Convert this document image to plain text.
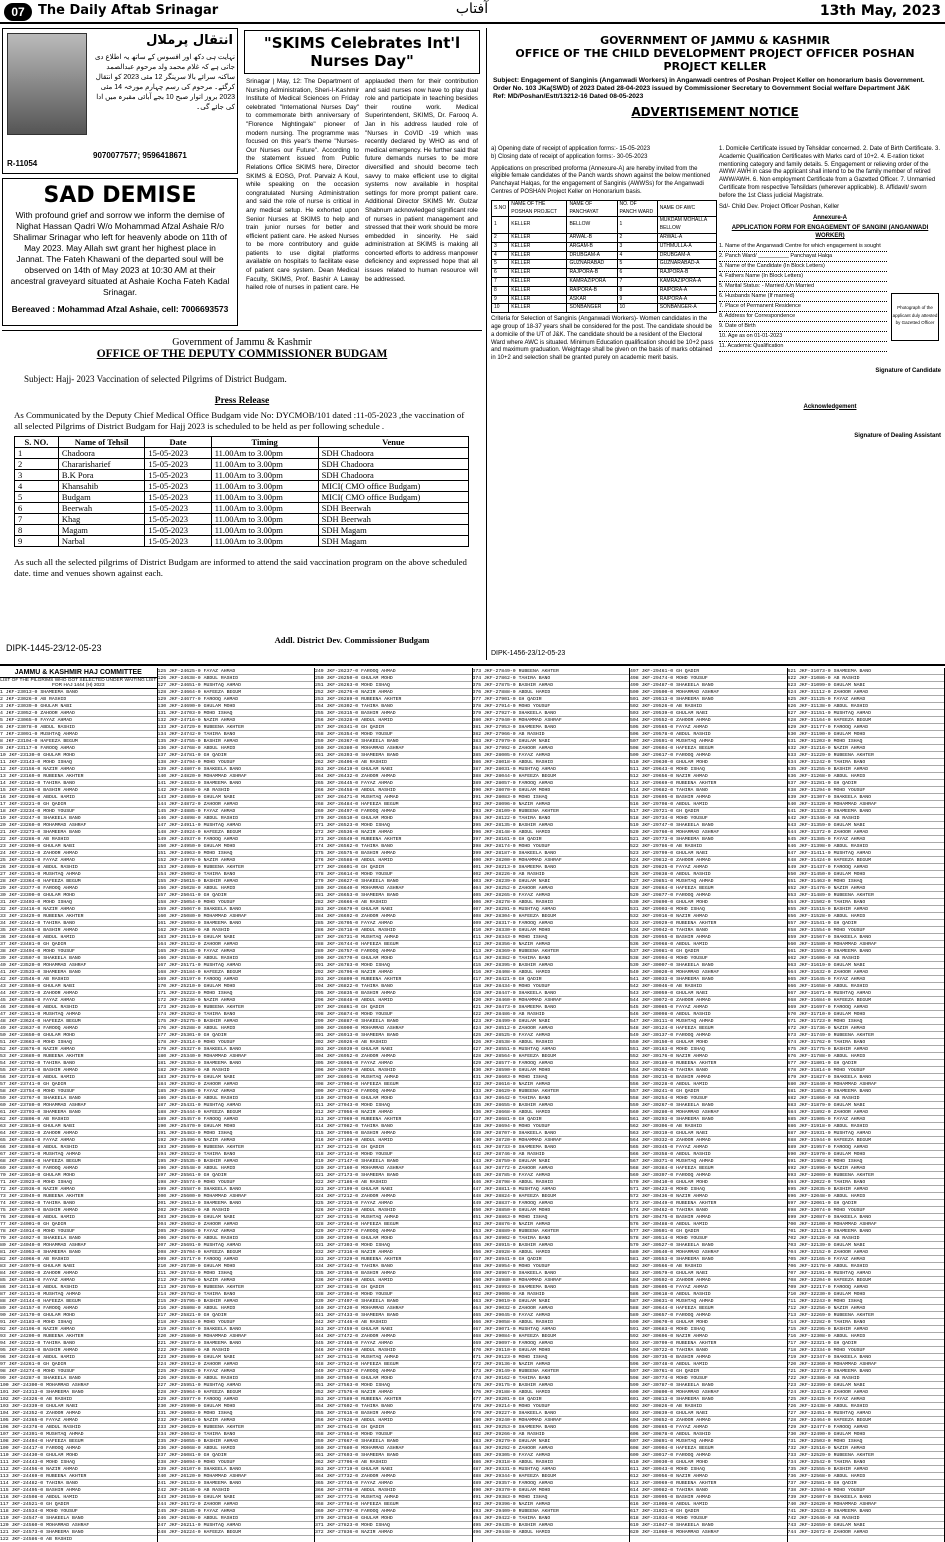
07	The Daily Aftab Srinagar	آفتاب	13th May, 2023
انتقال پرملال
نہایت ہی دکھ اور افسوس کے ساتھ یہ اطلاع دی جاتی ہے کہ غلام محمد ولد مرحوم عبدالصمد ساکنہ سرائے بالا سرینگر 12 مئی 2023 کو انتقال کرگئے۔ مرحوم کی رسم چہارم مورخہ 14 مئی 2023 بروز اتوار صبح 10 بجے آبائی مقبرہ میں ادا کی جائے گی۔
9070077577; 9596418671
R-11054
SAD DEMISE
With profound grief and sorrow we inform the demise of Nighat Hassan Qadri W/o Mohammad Afzal Ashaie R/o Shalimar Srinagar who left for heavenly abode on 11th of May 2023. May Allah swt grant her highest place in Jannat. The Fateh Khawani of the departed soul will be observed on 14th of May 2023 at 10:30 AM at their ancestral graveyard situated at Ashaie Kocha Fateh Kadal Srinagar.
Bereaved : Mohammad Afzal Ashaie, cell: 7006693573
"SKIMS Celebrates Int'l Nurses Day"
Srinagar | May, 12: The Department of Nursing Administration, Sheri-I-Kashmir Institute of Medical Sciences on Friday celebrated "International Nurses Day" to commemorate birth anniversary of "Florence Nightingale" pioneer of modern nursing. The programme was focused on this year's theme "Nurses- Our Nurses our Future". According to the statement issued from Public Relations Office SKIMS here, Director SKIMS & EOSG, Prof. Parvaiz A Koul, while speaking on the occasion congratulated Nursing Administration and said the role of nurse is critical in any medical setup. He exhorted upon Senior Nurses at SKIMS to help and train junior nurses for better and efficient patient care. He asked Nurses to be more contributory and guide patients to use digital platforms available on hospitals to facilitate ease of patient care system. Dean Medical Faculty, SKIMS, Prof. Bashir A Laway hailed role of nurses in patient care. He applauded them for their contribution and said nurses now have to play dual role and participate in teaching besides their routine work. Medical Superintendent, SKIMS, Dr. Farooq A. Jan in his address lauded role of "Nurses in CoVID -19 which was recently declared by WHO as end of medical emergency. He further said that future demands nurses to be more diversified and should become tech savvy to make efficient use to digital systems now available in hospital settings for more prompt patient care. Additional Director SKIMS Mr. Gulzar Shabnum acknowledged significant role of nurses in patient management and stressed that their work should be more embedded in sincerity. He said administration at SKIMS is making all concerted efforts to address manpower deficiency and expressed hope that all issues related to human resource will be addressed.
Government of Jammu & Kashmir
OFFICE OF THE DEPUTY COMMISSIONER BUDGAM
Subject: Hajj- 2023 Vaccination of selected Pilgrims of District Budgam.
Press Release
As Communicated by the Deputy Chief Medical Office Budgam vide No: DYCMOB/101 dated :11-05-2023 ,the vaccination of all selected Pilgrims of District Budgam for Hajj 2023 is scheduled to be held as per following schedule .
S. NO.	Name of Tehsil	Date	Timing	Venue
1	Chadoora	15-05-2023	11.00Am to 3.00pm	SDH Chadoora
2	Chararisharief	15-05-2023	11.00Am to 3.00pm	SDH Chadoora
3	B.K Pora	15-05-2023	11.00Am to 3.00pm	SDH Chadoora
4	Khansahib	15-05-2023	11.00Am to 3.00pm	MICI( CMO office Budgam)
5	Budgam	15-05-2023	11.00Am to 3.00pm	MICI( CMO office Budgam)
6	Beerwah	15-05-2023	11.00Am to 3.00pm	SDH Beerwah
7	Khag	15-05-2023	11.00Am to 3.00pm	SDH Beerwah
8	Magam	15-05-2023	11.00Am to 3.00pm	SDH Magam
9	Narbal	15-05-2023	11.00Am to 3.00pm	SDH Magam
As such all the selected pilgrims of District Budgam are informed to attend the said vaccination program on the above scheduled date. time and venues shown against each.
Addl. District Dev. Commissioner Budgam
DIPK-1445-23/12-05-23
GOVERNMENT OF JAMMU & KASHMIR
OFFICE OF THE CHILD DEVELOPMENT PROJECT OFFICER POSHAN PROJECT KELLER
Subject: Engagement of Sanginis (Anganwadi Workers) in Anganwadi centres of Poshan Project Keller on honorarium basis Government. Order No. 103 JKa(SWD) of 2023 Dated 28-04-2023 issued by Commissioner Secretary to Government Social welfare Department J&K
Ref: MD/Poshan/Estt/13212-16 Dated 08-05-2023
ADVERTISEMENT NOTICE
a) Opening date of receipt of application forms:- 15-05-2023
b) Closing date of receipt of application forms:- 30-05-2023
Applications on prescribed proforma (Annexure-A) are hereby invited from the eligible female candidates of the Panch wards shown against the below mentioned Panchayat Halqas, for the engagement of Sanginis (AWWSs) for the Anganwadi Centres of POSHAN Project Keller on Honorarium basis.
S.NO	NAME OF THE POSHAN PROJECT	NAME OF PANCHAYAT	NO. OF PANCH WARD	NAME OF AWC
1	KELLER	BELLOW	1	MUKDAM MOHALLA BELLOW
2	KELLER	ARWAL-B	2	ARWAL-A
3	KELLER	ARGAM-B	3	UTHMULLA-A
4	KELLER	DRUBGAM-A	4	DRUBGAM-A
5	KELLER	GUZNARABAD	5	GUZNARABAD-A
6	KELLER	RAJPORA-B	6	RAJPORA-B
7	KELLER	KAMRAZIPORA	7	KAMRAZIPORA-A
8	KELLER	RAIPORA-B	8	RAIPORA-A
9	KELLER	ASKAR	9	RAIPORA-A
10	KELLER	SONBANGER	10	SONBANGER-A
Criteria for Selection of Sanginis (Anganwadi Workers)- Women candidates in the age group of 18-37 years shall be considered for the post. The candidate should be a domicile of the UT of J&K. The candidate should be a resident of the Electoral Ward where AWC is situated. Minimum Education qualification should be 10+2 pass and maximum graduation. Weightage shall be given on the basis of marks obtained in 10+2 and selection shall be granted purely on academic merit basis.
1. Domicile Certificate issued by Tehsildar concerned. 2. Date of Birth Certificate. 3. Academic Qualification Certificates with Marks card of 10+2. 4. E-ration ticket mentioning category and family details. 5. Engagement or relieving order of the AWW/ AWH in case the applicant shall intend to be the family member of retired AWW/AWH. 6. Non employment Certificate from a Gazetted Officer. 7. Unmarried Certificate from respective Tehsildars (wherever applicable). 8. Affidavit/ sworn before the 1st Class judicial Magistrate.
Sd/- Child Dev. Project Officer Poshan, Keller
Annexure-A
APPLICATION FORM FOR ENGAGEMENT OF SANGINI (ANGANWADI WORKER)
Photograph of the applicant duly attested by Gazetted Officer
1. Name of the Anganwadi Centre for which engagement is sought
2. Panch Ward/ __________ Panchayat Halqa
3. Name of the Candidate (In Block Letters)
4. Fathers Name (In Block Letters)
5. Marital Status: - Married /Un Married
6. Husbands Name (If married)
7. Place of Permanent Residence
8. Address for Correspondence
9. Date of Birth
10. Age as on 01-01-2023
11. Academic Qualification
Signature of Candidate
Acknowledgement
Signature of Dealing Assistant
DIPK-1456-23/12-05-23
JAMMU & KASHMIR HAJ COMMITTEE
LIST OF THE PILGRIMS WHO GOT SELECTED UNDER WAITING LIST FOR HAJ 1444 (H) 2023
1 JKF-23013-0 SHAMEEMA BANO
2 JKF-23026-0 AB RASHID
3 JKF-23039-0 GHULAM NABI
4 JKF-23052-0 ZAHOOR AHMAD
5 JKF-23065-0 FAYAZ AHMAD
6 JKF-23078-0 ABDUL RASHID
7 JKF-23091-0 MUSHTAQ AHMAD
8 JKF-23104-0 HAFEEZA BEGUM
9 JKF-23117-0 FAROOQ AHMAD
10 JKF-23130-0 GHULAM MOHD
11 JKF-23143-0 MOHD ISHAQ
12 JKF-23156-0 NAZIR AHMAD
13 JKF-23169-0 RUBEENA AKHTER
14 JKF-23182-0 TAHIRA BANO
15 JKF-23195-0 BASHIR AHMAD
16 JKF-23208-0 ABDUL HAMID
17 JKF-23221-0 GH QADIR
18 JKF-23234-0 MOHD YOUSUF
19 JKF-23247-0 SHAKEELA BANO
20 JKF-23260-0 MOHAMMAD ASHRAF
21 JKF-23273-0 SHAMEEMA BANO
22 JKF-23286-0 AB RASHID
23 JKF-23299-0 GHULAM NABI
24 JKF-23312-0 ZAHOOR AHMAD
25 JKF-23325-0 FAYAZ AHMAD
26 JKF-23338-0 ABDUL RASHID
27 JKF-23351-0 MUSHTAQ AHMAD
28 JKF-23364-0 HAFEEZA BEGUM
29 JKF-23377-0 FAROOQ AHMAD
30 JKF-23390-0 GHULAM MOHD
31 JKF-23403-0 MOHD ISHAQ
32 JKF-23416-0 NAZIR AHMAD
33 JKF-23429-0 RUBEENA AKHTER
34 JKF-23442-0 TAHIRA BANO
35 JKF-23455-0 BASHIR AHMAD
36 JKF-23468-0 ABDUL HAMID
37 JKF-23481-0 GH QADIR
38 JKF-23494-0 MOHD YOUSUF
39 JKF-23507-0 SHAKEELA BANO
40 JKF-23520-0 MOHAMMAD ASHRAF
41 JKF-23533-0 SHAMEEMA BANO
42 JKF-23546-0 AB RASHID
43 JKF-23559-0 GHULAM NABI
44 JKF-23572-0 ZAHOOR AHMAD
45 JKF-23585-0 FAYAZ AHMAD
46 JKF-23598-0 ABDUL RASHID
47 JKF-23611-0 MUSHTAQ AHMAD
48 JKF-23624-0 HAFEEZA BEGUM
49 JKF-23637-0 FAROOQ AHMAD
50 JKF-23650-0 GHULAM MOHD
51 JKF-23663-0 MOHD ISHAQ
52 JKF-23676-0 NAZIR AHMAD
53 JKF-23689-0 RUBEENA AKHTER
54 JKF-23702-0 TAHIRA BANO
55 JKF-23715-0 BASHIR AHMAD
56 JKF-23728-0 ABDUL HAMID
57 JKF-23741-0 GH QADIR
58 JKF-23754-0 MOHD YOUSUF
59 JKF-23767-0 SHAKEELA BANO
60 JKF-23780-0 MOHAMMAD ASHRAF
61 JKF-23793-0 SHAMEEMA BANO
62 JKF-23806-0 AB RASHID
63 JKF-23819-0 GHULAM NABI
64 JKF-23832-0 ZAHOOR AHMAD
65 JKF-23845-0 FAYAZ AHMAD
66 JKF-23858-0 ABDUL RASHID
67 JKF-23871-0 MUSHTAQ AHMAD
68 JKF-23884-0 HAFEEZA BEGUM
69 JKF-23897-0 FAROOQ AHMAD
70 JKF-23910-0 GHULAM MOHD
71 JKF-23923-0 MOHD ISHAQ
72 JKF-23936-0 NAZIR AHMAD
73 JKF-23949-0 RUBEENA AKHTER
74 JKF-23962-0 TAHIRA BANO
75 JKF-23975-0 BASHIR AHMAD
76 JKF-23988-0 ABDUL HAMID
77 JKF-24001-0 GH QADIR
78 JKF-24014-0 MOHD YOUSUF
79 JKF-24027-0 SHAKEELA BANO
80 JKF-24040-0 MOHAMMAD ASHRAF
81 JKF-24053-0 SHAMEEMA BANO
82 JKF-24066-0 AB RASHID
83 JKF-24079-0 GHULAM NABI
84 JKF-24092-0 ZAHOOR AHMAD
85 JKF-24105-0 FAYAZ AHMAD
86 JKF-24118-0 ABDUL RASHID
87 JKF-24131-0 MUSHTAQ AHMAD
88 JKF-24144-0 HAFEEZA BEGUM
89 JKF-24157-0 FAROOQ AHMAD
90 JKF-24170-0 GHULAM MOHD
91 JKF-24183-0 MOHD ISHAQ
92 JKF-24196-0 NAZIR AHMAD
93 JKF-24209-0 RUBEENA AKHTER
94 JKF-24222-0 TAHIRA BANO
95 JKF-24235-0 BASHIR AHMAD
96 JKF-24248-0 ABDUL HAMID
97 JKF-24261-0 GH QADIR
98 JKF-24274-0 MOHD YOUSUF
99 JKF-24287-0 SHAKEELA BANO
100 JKF-24300-0 MOHAMMAD ASHRAF
101 JKF-24313-0 SHAMEEMA BANO
102 JKF-24326-0 AB RASHID
103 JKF-24339-0 GHULAM NABI
104 JKF-24352-0 ZAHOOR AHMAD
105 JKF-24365-0 FAYAZ AHMAD
106 JKF-24378-0 ABDUL RASHID
107 JKF-24391-0 MUSHTAQ AHMAD
108 JKF-24404-0 HAFEEZA BEGUM
109 JKF-24417-0 FAROOQ AHMAD
110 JKF-24430-0 GHULAM MOHD
111 JKF-24443-0 MOHD ISHAQ
112 JKF-24456-0 NAZIR AHMAD
113 JKF-24469-0 RUBEENA AKHTER
114 JKF-24482-0 TAHIRA BANO
115 JKF-24495-0 BASHIR AHMAD
116 JKF-24508-0 ABDUL HAMID
117 JKF-24521-0 GH QADIR
118 JKF-24534-0 MOHD YOUSUF
119 JKF-24547-0 SHAKEELA BANO
120 JKF-24560-0 MOHAMMAD ASHRAF
121 JKF-24573-0 SHAMEEMA BANO
122 JKF-24586-0 AB RASHID
125 JKF-24625-0 FAYAZ AHMAD
126 JKF-24638-0 ABDUL RASHID
127 JKF-24651-0 MUSHTAQ AHMAD
128 JKF-24664-0 HAFEEZA BEGUM
129 JKF-24677-0 FAROOQ AHMAD
130 JKF-24690-0 GHULAM MOHD
131 JKF-24703-0 MOHD ISHAQ
132 JKF-24716-0 NAZIR AHMAD
133 JKF-24729-0 RUBEENA AKHTER
134 JKF-24742-0 TAHIRA BANO
135 JKF-24755-0 BASHIR AHMAD
136 JKF-24768-0 ABDUL HAMID
137 JKF-24781-0 GH QADIR
138 JKF-24794-0 MOHD YOUSUF
139 JKF-24807-0 SHAKEELA BANO
140 JKF-24820-0 MOHAMMAD ASHRAF
141 JKF-24833-0 SHAMEEMA BANO
142 JKF-24846-0 AB RASHID
143 JKF-24859-0 GHULAM NABI
144 JKF-24872-0 ZAHOOR AHMAD
145 JKF-24885-0 FAYAZ AHMAD
146 JKF-24898-0 ABDUL RASHID
147 JKF-24911-0 MUSHTAQ AHMAD
148 JKF-24924-0 HAFEEZA BEGUM
149 JKF-24937-0 FAROOQ AHMAD
150 JKF-24950-0 GHULAM MOHD
151 JKF-24963-0 MOHD ISHAQ
152 JKF-24976-0 NAZIR AHMAD
153 JKF-24989-0 RUBEENA AKHTER
154 JKF-25002-0 TAHIRA BANO
155 JKF-25015-0 BASHIR AHMAD
156 JKF-25028-0 ABDUL HAMID
157 JKF-25041-0 GH QADIR
158 JKF-25054-0 MOHD YOUSUF
159 JKF-25067-0 SHAKEELA BANO
160 JKF-25080-0 MOHAMMAD ASHRAF
161 JKF-25093-0 SHAMEEMA BANO
162 JKF-25106-0 AB RASHID
163 JKF-25119-0 GHULAM NABI
164 JKF-25132-0 ZAHOOR AHMAD
165 JKF-25145-0 FAYAZ AHMAD
166 JKF-25158-0 ABDUL RASHID
167 JKF-25171-0 MUSHTAQ AHMAD
168 JKF-25184-0 HAFEEZA BEGUM
169 JKF-25197-0 FAROOQ AHMAD
170 JKF-25210-0 GHULAM MOHD
171 JKF-25223-0 MOHD ISHAQ
172 JKF-25236-0 NAZIR AHMAD
173 JKF-25249-0 RUBEENA AKHTER
174 JKF-25262-0 TAHIRA BANO
175 JKF-25275-0 BASHIR AHMAD
176 JKF-25288-0 ABDUL HAMID
177 JKF-25301-0 GH QADIR
178 JKF-25314-0 MOHD YOUSUF
179 JKF-25327-0 SHAKEELA BANO
180 JKF-25340-0 MOHAMMAD ASHRAF
181 JKF-25353-0 SHAMEEMA BANO
182 JKF-25366-0 AB RASHID
183 JKF-25379-0 GHULAM NABI
184 JKF-25392-0 ZAHOOR AHMAD
185 JKF-25405-0 FAYAZ AHMAD
186 JKF-25418-0 ABDUL RASHID
187 JKF-25431-0 MUSHTAQ AHMAD
188 JKF-25444-0 HAFEEZA BEGUM
189 JKF-25457-0 FAROOQ AHMAD
190 JKF-25470-0 GHULAM MOHD
191 JKF-25483-0 MOHD ISHAQ
192 JKF-25496-0 NAZIR AHMAD
193 JKF-25509-0 RUBEENA AKHTER
194 JKF-25522-0 TAHIRA BANO
195 JKF-25535-0 BASHIR AHMAD
196 JKF-25548-0 ABDUL HAMID
197 JKF-25561-0 GH QADIR
198 JKF-25574-0 MOHD YOUSUF
199 JKF-25587-0 SHAKEELA BANO
200 JKF-25600-0 MOHAMMAD ASHRAF
201 JKF-25613-0 SHAMEEMA BANO
202 JKF-25626-0 AB RASHID
203 JKF-25639-0 GHULAM NABI
204 JKF-25652-0 ZAHOOR AHMAD
205 JKF-25665-0 FAYAZ AHMAD
206 JKF-25678-0 ABDUL RASHID
207 JKF-25691-0 MUSHTAQ AHMAD
208 JKF-25704-0 HAFEEZA BEGUM
209 JKF-25717-0 FAROOQ AHMAD
210 JKF-25730-0 GHULAM MOHD
211 JKF-25743-0 MOHD ISHAQ
212 JKF-25756-0 NAZIR AHMAD
213 JKF-25769-0 RUBEENA AKHTER
214 JKF-25782-0 TAHIRA BANO
215 JKF-25795-0 BASHIR AHMAD
216 JKF-25808-0 ABDUL HAMID
217 JKF-25821-0 GH QADIR
218 JKF-25834-0 MOHD YOUSUF
219 JKF-25847-0 SHAKEELA BANO
220 JKF-25860-0 MOHAMMAD ASHRAF
221 JKF-25873-0 SHAMEEMA BANO
222 JKF-25886-0 AB RASHID
223 JKF-25899-0 GHULAM NABI
224 JKF-25912-0 ZAHOOR AHMAD
225 JKF-25925-0 FAYAZ AHMAD
226 JKF-25938-0 ABDUL RASHID
227 JKF-25951-0 MUSHTAQ AHMAD
228 JKF-25964-0 HAFEEZA BEGUM
229 JKF-25977-0 FAROOQ AHMAD
230 JKF-25990-0 GHULAM MOHD
231 JKF-26003-0 MOHD ISHAQ
232 JKF-26016-0 NAZIR AHMAD
233 JKF-26029-0 RUBEENA AKHTER
234 JKF-26042-0 TAHIRA BANO
235 JKF-26055-0 BASHIR AHMAD
236 JKF-26068-0 ABDUL HAMID
237 JKF-26081-0 GH QADIR
238 JKF-26094-0 MOHD YOUSUF
239 JKF-26107-0 SHAKEELA BANO
240 JKF-26120-0 MOHAMMAD ASHRAF
241 JKF-26133-0 SHAMEEMA BANO
242 JKF-26146-0 AB RASHID
243 JKF-26159-0 GHULAM NABI
244 JKF-26172-0 ZAHOOR AHMAD
245 JKF-26185-0 FAYAZ AHMAD
246 JKF-26198-0 ABDUL RASHID
247 JKF-26211-0 MUSHTAQ AHMAD
248 JKF-26224-0 HAFEEZA BEGUM
249 JKF-26237-0 FAROOQ AHMAD
250 JKF-26250-0 GHULAM MOHD
251 JKF-26263-0 MOHD ISHAQ
252 JKF-26276-0 NAZIR AHMAD
253 JKF-26289-0 RUBEENA AKHTER
254 JKF-26302-0 TAHIRA BANO
255 JKF-26315-0 BASHIR AHMAD
256 JKF-26328-0 ABDUL HAMID
257 JKF-26341-0 GH QADIR
258 JKF-26354-0 MOHD YOUSUF
259 JKF-26367-0 SHAKEELA BANO
260 JKF-26380-0 MOHAMMAD ASHRAF
261 JKF-26393-0 SHAMEEMA BANO
262 JKF-26406-0 AB RASHID
263 JKF-26419-0 GHULAM NABI
264 JKF-26432-0 ZAHOOR AHMAD
265 JKF-26445-0 FAYAZ AHMAD
266 JKF-26458-0 ABDUL RASHID
267 JKF-26471-0 MUSHTAQ AHMAD
268 JKF-26484-0 HAFEEZA BEGUM
269 JKF-26497-0 FAROOQ AHMAD
270 JKF-26510-0 GHULAM MOHD
271 JKF-26523-0 MOHD ISHAQ
272 JKF-26536-0 NAZIR AHMAD
273 JKF-26549-0 RUBEENA AKHTER
274 JKF-26562-0 TAHIRA BANO
275 JKF-26575-0 BASHIR AHMAD
276 JKF-26588-0 ABDUL HAMID
277 JKF-26601-0 GH QADIR
278 JKF-26614-0 MOHD YOUSUF
279 JKF-26627-0 SHAKEELA BANO
280 JKF-26640-0 MOHAMMAD ASHRAF
281 JKF-26653-0 SHAMEEMA BANO
282 JKF-26666-0 AB RASHID
283 JKF-26679-0 GHULAM NABI
284 JKF-26692-0 ZAHOOR AHMAD
285 JKF-26705-0 FAYAZ AHMAD
286 JKF-26718-0 ABDUL RASHID
287 JKF-26731-0 MUSHTAQ AHMAD
288 JKF-26744-0 HAFEEZA BEGUM
289 JKF-26757-0 FAROOQ AHMAD
290 JKF-26770-0 GHULAM MOHD
291 JKF-26783-0 MOHD ISHAQ
292 JKF-26796-0 NAZIR AHMAD
293 JKF-26809-0 RUBEENA AKHTER
294 JKF-26822-0 TAHIRA BANO
295 JKF-26835-0 BASHIR AHMAD
296 JKF-26848-0 ABDUL HAMID
297 JKF-26861-0 GH QADIR
298 JKF-26874-0 MOHD YOUSUF
299 JKF-26887-0 SHAKEELA BANO
300 JKF-26900-0 MOHAMMAD ASHRAF
301 JKF-26913-0 SHAMEEMA BANO
302 JKF-26926-0 AB RASHID
303 JKF-26939-0 GHULAM NABI
304 JKF-26952-0 ZAHOOR AHMAD
305 JKF-26965-0 FAYAZ AHMAD
306 JKF-26978-0 ABDUL RASHID
307 JKF-26991-0 MUSHTAQ AHMAD
308 JKF-27004-0 HAFEEZA BEGUM
309 JKF-27017-0 FAROOQ AHMAD
310 JKF-27030-0 GHULAM MOHD
311 JKF-27043-0 MOHD ISHAQ
312 JKF-27056-0 NAZIR AHMAD
313 JKF-27069-0 RUBEENA AKHTER
314 JKF-27082-0 TAHIRA BANO
315 JKF-27095-0 BASHIR AHMAD
316 JKF-27108-0 ABDUL HAMID
317 JKF-27121-0 GH QADIR
318 JKF-27134-0 MOHD YOUSUF
319 JKF-27147-0 SHAKEELA BANO
320 JKF-27160-0 MOHAMMAD ASHRAF
321 JKF-27173-0 SHAMEEMA BANO
322 JKF-27186-0 AB RASHID
323 JKF-27199-0 GHULAM NABI
324 JKF-27212-0 ZAHOOR AHMAD
325 JKF-27225-0 FAYAZ AHMAD
326 JKF-27238-0 ABDUL RASHID
327 JKF-27251-0 MUSHTAQ AHMAD
328 JKF-27264-0 HAFEEZA BEGUM
329 JKF-27277-0 FAROOQ AHMAD
330 JKF-27290-0 GHULAM MOHD
331 JKF-27303-0 MOHD ISHAQ
332 JKF-27316-0 NAZIR AHMAD
333 JKF-27329-0 RUBEENA AKHTER
334 JKF-27342-0 TAHIRA BANO
335 JKF-27355-0 BASHIR AHMAD
336 JKF-27368-0 ABDUL HAMID
337 JKF-27381-0 GH QADIR
338 JKF-27394-0 MOHD YOUSUF
339 JKF-27407-0 SHAKEELA BANO
340 JKF-27420-0 MOHAMMAD ASHRAF
341 JKF-27433-0 SHAMEEMA BANO
342 JKF-27446-0 AB RASHID
343 JKF-27459-0 GHULAM NABI
344 JKF-27472-0 ZAHOOR AHMAD
345 JKF-27485-0 FAYAZ AHMAD
346 JKF-27498-0 ABDUL RASHID
347 JKF-27511-0 MUSHTAQ AHMAD
348 JKF-27524-0 HAFEEZA BEGUM
349 JKF-27537-0 FAROOQ AHMAD
350 JKF-27550-0 GHULAM MOHD
351 JKF-27563-0 MOHD ISHAQ
352 JKF-27576-0 NAZIR AHMAD
353 JKF-27589-0 RUBEENA AKHTER
354 JKF-27602-0 TAHIRA BANO
355 JKF-27615-0 BASHIR AHMAD
356 JKF-27628-0 ABDUL HAMID
357 JKF-27641-0 GH QADIR
358 JKF-27654-0 MOHD YOUSUF
359 JKF-27667-0 SHAKEELA BANO
360 JKF-27680-0 MOHAMMAD ASHRAF
361 JKF-27693-0 SHAMEEMA BANO
362 JKF-27706-0 AB RASHID
363 JKF-27719-0 GHULAM NABI
364 JKF-27732-0 ZAHOOR AHMAD
365 JKF-27745-0 FAYAZ AHMAD
366 JKF-27758-0 ABDUL RASHID
367 JKF-27771-0 MUSHTAQ AHMAD
368 JKF-27784-0 HAFEEZA BEGUM
369 JKF-27797-0 FAROOQ AHMAD
370 JKF-27810-0 GHULAM MOHD
371 JKF-27823-0 MOHD ISHAQ
372 JKF-27836-0 NAZIR AHMAD
373 JKF-27849-0 RUBEENA AKHTER
374 JKF-27862-0 TAHIRA BANO
375 JKF-27875-0 BASHIR AHMAD
376 JKF-27888-0 ABDUL HAMID
377 JKF-27901-0 GH QADIR
378 JKF-27914-0 MOHD YOUSUF
379 JKF-27927-0 SHAKEELA BANO
380 JKF-27940-0 MOHAMMAD ASHRAF
381 JKF-27953-0 SHAMEEMA BANO
382 JKF-27966-0 AB RASHID
383 JKF-27979-0 GHULAM NABI
384 JKF-27992-0 ZAHOOR AHMAD
385 JKF-28005-0 FAYAZ AHMAD
386 JKF-28018-0 ABDUL RASHID
387 JKF-28031-0 MUSHTAQ AHMAD
388 JKF-28044-0 HAFEEZA BEGUM
389 JKF-28057-0 FAROOQ AHMAD
390 JKF-28070-0 GHULAM MOHD
391 JKF-28083-0 MOHD ISHAQ
392 JKF-28096-0 NAZIR AHMAD
393 JKF-28109-0 RUBEENA AKHTER
394 JKF-28122-0 TAHIRA BANO
395 JKF-28135-0 BASHIR AHMAD
396 JKF-28148-0 ABDUL HAMID
397 JKF-28161-0 GH QADIR
398 JKF-28174-0 MOHD YOUSUF
399 JKF-28187-0 SHAKEELA BANO
400 JKF-28200-0 MOHAMMAD ASHRAF
401 JKF-28213-0 SHAMEEMA BANO
402 JKF-28226-0 AB RASHID
403 JKF-28239-0 GHULAM NABI
404 JKF-28252-0 ZAHOOR AHMAD
405 JKF-28265-0 FAYAZ AHMAD
406 JKF-28278-0 ABDUL RASHID
407 JKF-28291-0 MUSHTAQ AHMAD
408 JKF-28304-0 HAFEEZA BEGUM
409 JKF-28317-0 FAROOQ AHMAD
410 JKF-28330-0 GHULAM MOHD
411 JKF-28343-0 MOHD ISHAQ
412 JKF-28356-0 NAZIR AHMAD
413 JKF-28369-0 RUBEENA AKHTER
414 JKF-28382-0 TAHIRA BANO
415 JKF-28395-0 BASHIR AHMAD
416 JKF-28408-0 ABDUL HAMID
417 JKF-28421-0 GH QADIR
418 JKF-28434-0 MOHD YOUSUF
419 JKF-28447-0 SHAKEELA BANO
420 JKF-28460-0 MOHAMMAD ASHRAF
421 JKF-28473-0 SHAMEEMA BANO
422 JKF-28486-0 AB RASHID
423 JKF-28499-0 GHULAM NABI
424 JKF-28512-0 ZAHOOR AHMAD
425 JKF-28525-0 FAYAZ AHMAD
426 JKF-28538-0 ABDUL RASHID
427 JKF-28551-0 MUSHTAQ AHMAD
428 JKF-28564-0 HAFEEZA BEGUM
429 JKF-28577-0 FAROOQ AHMAD
430 JKF-28590-0 GHULAM MOHD
431 JKF-28603-0 MOHD ISHAQ
432 JKF-28616-0 NAZIR AHMAD
433 JKF-28629-0 RUBEENA AKHTER
434 JKF-28642-0 TAHIRA BANO
435 JKF-28655-0 BASHIR AHMAD
436 JKF-28668-0 ABDUL HAMID
437 JKF-28681-0 GH QADIR
438 JKF-28694-0 MOHD YOUSUF
439 JKF-28707-0 SHAKEELA BANO
440 JKF-28720-0 MOHAMMAD ASHRAF
441 JKF-28733-0 SHAMEEMA BANO
442 JKF-28746-0 AB RASHID
443 JKF-28759-0 GHULAM NABI
444 JKF-28772-0 ZAHOOR AHMAD
445 JKF-28785-0 FAYAZ AHMAD
446 JKF-28798-0 ABDUL RASHID
447 JKF-28811-0 MUSHTAQ AHMAD
448 JKF-28824-0 HAFEEZA BEGUM
449 JKF-28837-0 FAROOQ AHMAD
450 JKF-28850-0 GHULAM MOHD
451 JKF-28863-0 MOHD ISHAQ
452 JKF-28876-0 NAZIR AHMAD
453 JKF-28889-0 RUBEENA AKHTER
454 JKF-28902-0 TAHIRA BANO
455 JKF-28915-0 BASHIR AHMAD
456 JKF-28928-0 ABDUL HAMID
457 JKF-28941-0 GH QADIR
458 JKF-28954-0 MOHD YOUSUF
459 JKF-28967-0 SHAKEELA BANO
460 JKF-28980-0 MOHAMMAD ASHRAF
461 JKF-28993-0 SHAMEEMA BANO
462 JKF-29006-0 AB RASHID
463 JKF-29019-0 GHULAM NABI
464 JKF-29032-0 ZAHOOR AHMAD
465 JKF-29045-0 FAYAZ AHMAD
466 JKF-29058-0 ABDUL RASHID
467 JKF-29071-0 MUSHTAQ AHMAD
468 JKF-29084-0 HAFEEZA BEGUM
469 JKF-29097-0 FAROOQ AHMAD
470 JKF-29110-0 GHULAM MOHD
471 JKF-29123-0 MOHD ISHAQ
472 JKF-29136-0 NAZIR AHMAD
473 JKF-29149-0 RUBEENA AKHTER
474 JKF-29162-0 TAHIRA BANO
475 JKF-29175-0 BASHIR AHMAD
476 JKF-29188-0 ABDUL HAMID
477 JKF-29201-0 GH QADIR
478 JKF-29214-0 MOHD YOUSUF
479 JKF-29227-0 SHAKEELA BANO
480 JKF-29240-0 MOHAMMAD ASHRAF
481 JKF-29253-0 SHAMEEMA BANO
482 JKF-29266-0 AB RASHID
483 JKF-29279-0 GHULAM NABI
484 JKF-29292-0 ZAHOOR AHMAD
485 JKF-29305-0 FAYAZ AHMAD
486 JKF-29318-0 ABDUL RASHID
487 JKF-29331-0 MUSHTAQ AHMAD
488 JKF-29344-0 HAFEEZA BEGUM
489 JKF-29357-0 FAROOQ AHMAD
490 JKF-29370-0 GHULAM MOHD
491 JKF-29383-0 MOHD ISHAQ
492 JKF-29396-0 NAZIR AHMAD
493 JKF-29409-0 RUBEENA AKHTER
494 JKF-29422-0 TAHIRA BANO
495 JKF-29435-0 BASHIR AHMAD
496 JKF-29448-0 ABDUL HAMID
497 JKF-29461-0 GH QADIR
498 JKF-29474-0 MOHD YOUSUF
499 JKF-29487-0 SHAKEELA BANO
500 JKF-29500-0 MOHAMMAD ASHRAF
501 JKF-29513-0 SHAMEEMA BANO
502 JKF-29526-0 AB RASHID
503 JKF-29539-0 GHULAM NABI
504 JKF-29552-0 ZAHOOR AHMAD
505 JKF-29565-0 FAYAZ AHMAD
506 JKF-29578-0 ABDUL RASHID
507 JKF-29591-0 MUSHTAQ AHMAD
508 JKF-29604-0 HAFEEZA BEGUM
509 JKF-29617-0 FAROOQ AHMAD
510 JKF-29630-0 GHULAM MOHD
511 JKF-29643-0 MOHD ISHAQ
512 JKF-29656-0 NAZIR AHMAD
513 JKF-29669-0 RUBEENA AKHTER
514 JKF-29682-0 TAHIRA BANO
515 JKF-29695-0 BASHIR AHMAD
516 JKF-29708-0 ABDUL HAMID
517 JKF-29721-0 GH QADIR
518 JKF-29734-0 MOHD YOUSUF
519 JKF-29747-0 SHAKEELA BANO
520 JKF-29760-0 MOHAMMAD ASHRAF
521 JKF-29773-0 SHAMEEMA BANO
522 JKF-29786-0 AB RASHID
523 JKF-29799-0 GHULAM NABI
524 JKF-29812-0 ZAHOOR AHMAD
525 JKF-29825-0 FAYAZ AHMAD
526 JKF-29838-0 ABDUL RASHID
527 JKF-29851-0 MUSHTAQ AHMAD
528 JKF-29864-0 HAFEEZA BEGUM
529 JKF-29877-0 FAROOQ AHMAD
530 JKF-29890-0 GHULAM MOHD
531 JKF-29903-0 MOHD ISHAQ
532 JKF-29916-0 NAZIR AHMAD
533 JKF-29929-0 RUBEENA AKHTER
534 JKF-29942-0 TAHIRA BANO
535 JKF-29955-0 BASHIR AHMAD
536 JKF-29968-0 ABDUL HAMID
537 JKF-29981-0 GH QADIR
538 JKF-29994-0 MOHD YOUSUF
539 JKF-30007-0 SHAKEELA BANO
540 JKF-30020-0 MOHAMMAD ASHRAF
541 JKF-30033-0 SHAMEEMA BANO
542 JKF-30046-0 AB RASHID
543 JKF-30059-0 GHULAM NABI
544 JKF-30072-0 ZAHOOR AHMAD
545 JKF-30085-0 FAYAZ AHMAD
546 JKF-30098-0 ABDUL RASHID
547 JKF-30111-0 MUSHTAQ AHMAD
548 JKF-30124-0 HAFEEZA BEGUM
549 JKF-30137-0 FAROOQ AHMAD
550 JKF-30150-0 GHULAM MOHD
551 JKF-30163-0 MOHD ISHAQ
552 JKF-30176-0 NAZIR AHMAD
553 JKF-30189-0 RUBEENA AKHTER
554 JKF-30202-0 TAHIRA BANO
555 JKF-30215-0 BASHIR AHMAD
556 JKF-30228-0 ABDUL HAMID
557 JKF-30241-0 GH QADIR
558 JKF-30254-0 MOHD YOUSUF
559 JKF-30267-0 SHAKEELA BANO
560 JKF-30280-0 MOHAMMAD ASHRAF
561 JKF-30293-0 SHAMEEMA BANO
562 JKF-30306-0 AB RASHID
563 JKF-30319-0 GHULAM NABI
564 JKF-30332-0 ZAHOOR AHMAD
565 JKF-30345-0 FAYAZ AHMAD
566 JKF-30358-0 ABDUL RASHID
567 JKF-30371-0 MUSHTAQ AHMAD
568 JKF-30384-0 HAFEEZA BEGUM
569 JKF-30397-0 FAROOQ AHMAD
570 JKF-30410-0 GHULAM MOHD
571 JKF-30423-0 MOHD ISHAQ
572 JKF-30436-0 NAZIR AHMAD
573 JKF-30449-0 RUBEENA AKHTER
574 JKF-30462-0 TAHIRA BANO
575 JKF-30475-0 BASHIR AHMAD
576 JKF-30488-0 ABDUL HAMID
577 JKF-30501-0 GH QADIR
578 JKF-30514-0 MOHD YOUSUF
579 JKF-30527-0 SHAKEELA BANO
580 JKF-30540-0 MOHAMMAD ASHRAF
581 JKF-30553-0 SHAMEEMA BANO
582 JKF-30566-0 AB RASHID
583 JKF-30579-0 GHULAM NABI
584 JKF-30592-0 ZAHOOR AHMAD
585 JKF-30605-0 FAYAZ AHMAD
586 JKF-30618-0 ABDUL RASHID
587 JKF-30631-0 MUSHTAQ AHMAD
588 JKF-30644-0 HAFEEZA BEGUM
589 JKF-30657-0 FAROOQ AHMAD
590 JKF-30670-0 GHULAM MOHD
591 JKF-30683-0 MOHD ISHAQ
592 JKF-30696-0 NAZIR AHMAD
593 JKF-30709-0 RUBEENA AKHTER
594 JKF-30722-0 TAHIRA BANO
595 JKF-30735-0 BASHIR AHMAD
596 JKF-30748-0 ABDUL HAMID
597 JKF-30761-0 GH QADIR
598 JKF-30774-0 MOHD YOUSUF
599 JKF-30787-0 SHAKEELA BANO
600 JKF-30800-0 MOHAMMAD ASHRAF
601 JKF-30813-0 SHAMEEMA BANO
602 JKF-30826-0 AB RASHID
603 JKF-30839-0 GHULAM NABI
604 JKF-30852-0 ZAHOOR AHMAD
605 JKF-30865-0 FAYAZ AHMAD
606 JKF-30878-0 ABDUL RASHID
607 JKF-30891-0 MUSHTAQ AHMAD
608 JKF-30904-0 HAFEEZA BEGUM
609 JKF-30917-0 FAROOQ AHMAD
610 JKF-30930-0 GHULAM MOHD
611 JKF-30943-0 MOHD ISHAQ
612 JKF-30956-0 NAZIR AHMAD
613 JKF-30969-0 RUBEENA AKHTER
614 JKF-30982-0 TAHIRA BANO
615 JKF-30995-0 BASHIR AHMAD
616 JKF-31008-0 ABDUL HAMID
617 JKF-31021-0 GH QADIR
618 JKF-31034-0 MOHD YOUSUF
619 JKF-31047-0 SHAKEELA BANO
620 JKF-31060-0 MOHAMMAD ASHRAF
621 JKF-31073-0 SHAMEEMA BANO
622 JKF-31086-0 AB RASHID
623 JKF-31099-0 GHULAM NABI
624 JKF-31112-0 ZAHOOR AHMAD
625 JKF-31125-0 FAYAZ AHMAD
626 JKF-31138-0 ABDUL RASHID
627 JKF-31151-0 MUSHTAQ AHMAD
628 JKF-31164-0 HAFEEZA BEGUM
629 JKF-31177-0 FAROOQ AHMAD
630 JKF-31190-0 GHULAM MOHD
631 JKF-31203-0 MOHD ISHAQ
632 JKF-31216-0 NAZIR AHMAD
633 JKF-31229-0 RUBEENA AKHTER
634 JKF-31242-0 TAHIRA BANO
635 JKF-31255-0 BASHIR AHMAD
636 JKF-31268-0 ABDUL HAMID
637 JKF-31281-0 GH QADIR
638 JKF-31294-0 MOHD YOUSUF
639 JKF-31307-0 SHAKEELA BANO
640 JKF-31320-0 MOHAMMAD ASHRAF
641 JKF-31333-0 SHAMEEMA BANO
642 JKF-31346-0 AB RASHID
643 JKF-31359-0 GHULAM NABI
644 JKF-31372-0 ZAHOOR AHMAD
645 JKF-31385-0 FAYAZ AHMAD
646 JKF-31398-0 ABDUL RASHID
647 JKF-31411-0 MUSHTAQ AHMAD
648 JKF-31424-0 HAFEEZA BEGUM
649 JKF-31437-0 FAROOQ AHMAD
650 JKF-31450-0 GHULAM MOHD
651 JKF-31463-0 MOHD ISHAQ
652 JKF-31476-0 NAZIR AHMAD
653 JKF-31489-0 RUBEENA AKHTER
654 JKF-31502-0 TAHIRA BANO
655 JKF-31515-0 BASHIR AHMAD
656 JKF-31528-0 ABDUL HAMID
657 JKF-31541-0 GH QADIR
658 JKF-31554-0 MOHD YOUSUF
659 JKF-31567-0 SHAKEELA BANO
660 JKF-31580-0 MOHAMMAD ASHRAF
661 JKF-31593-0 SHAMEEMA BANO
662 JKF-31606-0 AB RASHID
663 JKF-31619-0 GHULAM NABI
664 JKF-31632-0 ZAHOOR AHMAD
665 JKF-31645-0 FAYAZ AHMAD
666 JKF-31658-0 ABDUL RASHID
667 JKF-31671-0 MUSHTAQ AHMAD
668 JKF-31684-0 HAFEEZA BEGUM
669 JKF-31697-0 FAROOQ AHMAD
670 JKF-31710-0 GHULAM MOHD
671 JKF-31723-0 MOHD ISHAQ
672 JKF-31736-0 NAZIR AHMAD
673 JKF-31749-0 RUBEENA AKHTER
674 JKF-31762-0 TAHIRA BANO
675 JKF-31775-0 BASHIR AHMAD
676 JKF-31788-0 ABDUL HAMID
677 JKF-31801-0 GH QADIR
678 JKF-31814-0 MOHD YOUSUF
679 JKF-31827-0 SHAKEELA BANO
680 JKF-31840-0 MOHAMMAD ASHRAF
681 JKF-31853-0 SHAMEEMA BANO
682 JKF-31866-0 AB RASHID
683 JKF-31879-0 GHULAM NABI
684 JKF-31892-0 ZAHOOR AHMAD
685 JKF-31905-0 FAYAZ AHMAD
686 JKF-31918-0 ABDUL RASHID
687 JKF-31931-0 MUSHTAQ AHMAD
688 JKF-31944-0 HAFEEZA BEGUM
689 JKF-31957-0 FAROOQ AHMAD
690 JKF-31970-0 GHULAM MOHD
691 JKF-31983-0 MOHD ISHAQ
692 JKF-31996-0 NAZIR AHMAD
693 JKF-32009-0 RUBEENA AKHTER
694 JKF-32022-0 TAHIRA BANO
695 JKF-32035-0 BASHIR AHMAD
696 JKF-32048-0 ABDUL HAMID
697 JKF-32061-0 GH QADIR
698 JKF-32074-0 MOHD YOUSUF
699 JKF-32087-0 SHAKEELA BANO
700 JKF-32100-0 MOHAMMAD ASHRAF
701 JKF-32113-0 SHAMEEMA BANO
702 JKF-32126-0 AB RASHID
703 JKF-32139-0 GHULAM NABI
704 JKF-32152-0 ZAHOOR AHMAD
705 JKF-32165-0 FAYAZ AHMAD
706 JKF-32178-0 ABDUL RASHID
707 JKF-32191-0 MUSHTAQ AHMAD
708 JKF-32204-0 HAFEEZA BEGUM
709 JKF-32217-0 FAROOQ AHMAD
710 JKF-32230-0 GHULAM MOHD
711 JKF-32243-0 MOHD ISHAQ
712 JKF-32256-0 NAZIR AHMAD
713 JKF-32269-0 RUBEENA AKHTER
714 JKF-32282-0 TAHIRA BANO
715 JKF-32295-0 BASHIR AHMAD
716 JKF-32308-0 ABDUL HAMID
717 JKF-32321-0 GH QADIR
718 JKF-32334-0 MOHD YOUSUF
719 JKF-32347-0 SHAKEELA BANO
720 JKF-32360-0 MOHAMMAD ASHRAF
721 JKF-32373-0 SHAMEEMA BANO
722 JKF-32386-0 AB RASHID
723 JKF-32399-0 GHULAM NABI
724 JKF-32412-0 ZAHOOR AHMAD
725 JKF-32425-0 FAYAZ AHMAD
726 JKF-32438-0 ABDUL RASHID
727 JKF-32451-0 MUSHTAQ AHMAD
728 JKF-32464-0 HAFEEZA BEGUM
729 JKF-32477-0 FAROOQ AHMAD
730 JKF-32490-0 GHULAM MOHD
731 JKF-32503-0 MOHD ISHAQ
732 JKF-32516-0 NAZIR AHMAD
733 JKF-32529-0 RUBEENA AKHTER
734 JKF-32542-0 TAHIRA BANO
735 JKF-32555-0 BASHIR AHMAD
736 JKF-32568-0 ABDUL HAMID
737 JKF-32581-0 GH QADIR
738 JKF-32594-0 MOHD YOUSUF
739 JKF-32607-0 SHAKEELA BANO
740 JKF-32620-0 MOHAMMAD ASHRAF
741 JKF-32633-0 SHAMEEMA BANO
742 JKF-32646-0 AB RASHID
743 JKF-32659-0 GHULAM NABI
744 JKF-32672-0 ZAHOOR AHMAD
